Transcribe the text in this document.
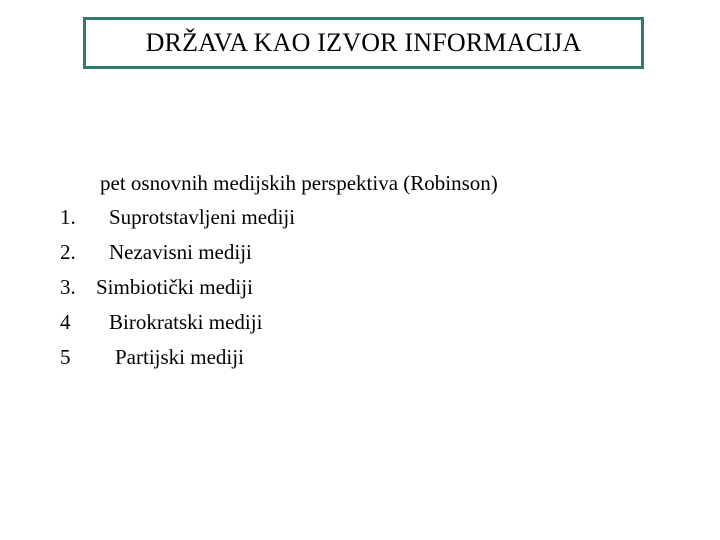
DRŽAVA KAO IZVOR INFORMACIJA
pet osnovnih medijskih perspektiva (Robinson)
1. Suprotstavljeni mediji
2. Nezavisni mediji
3. Simbiotički mediji
4 Birokratski mediji
5 Partijski mediji
